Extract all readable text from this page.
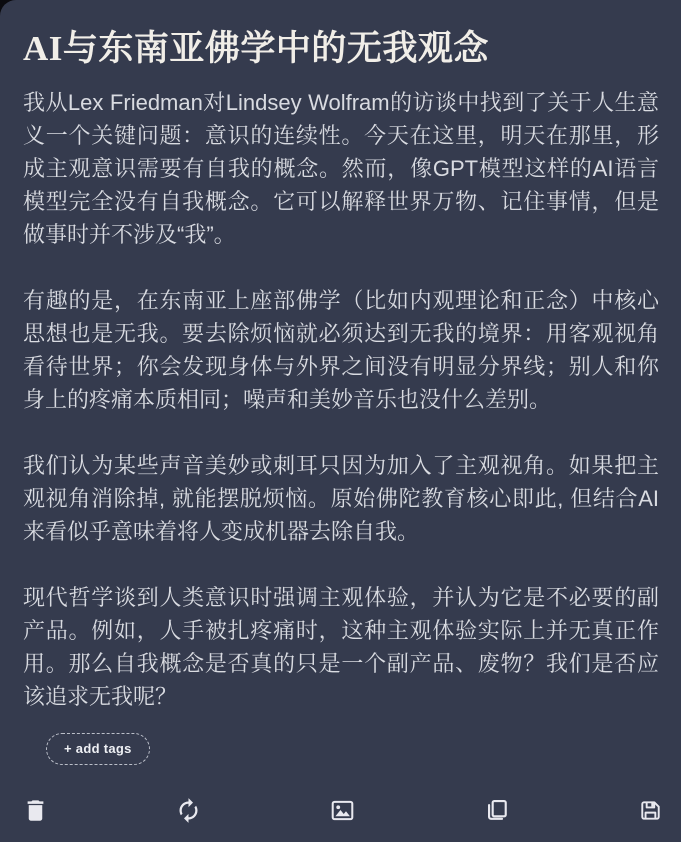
AI与东南亚佛学中的无我观念

我从Lex Friedman对Lindsey Wolfram的访谈中找到了关于人生意义一个关键问题：意识的连续性。今天在这里，明天在那里，形成主观意识需要有自我的概念。然而，像GPT模型这样的AI语言模型完全没有自我概念。它可以解释世界万物、记住事情，但是做事时并不涉及“我”。

有趣的是，在东南亚上座部佛学（比如内观理论和正念）中核心思想也是无我。要去除烦恼就必须达到无我的境界：用客观视角看待世界；你会发现身体与外界之间没有明显分界线；别人和你身上的疼痛本质相同；噪声和美妙音乐也没什么差别。

我们认为某些声音美妙或刺耳只因为加入了主观视角。如果把主观视角消除掉, 就能摆脱烦恼。原始佛陀教育核心即此, 但结合AI来看似乎意味着将人变成机器去除自我。

现代哲学谈到人类意识时强调主观体验，并认为它是不必要的副产品。例如，人手被扎疼痛时，这种主观体验实际上并无真正作用。那么自我概念是否真的只是一个副产品、废物？我们是否应该追求无我呢？

+ add tags
